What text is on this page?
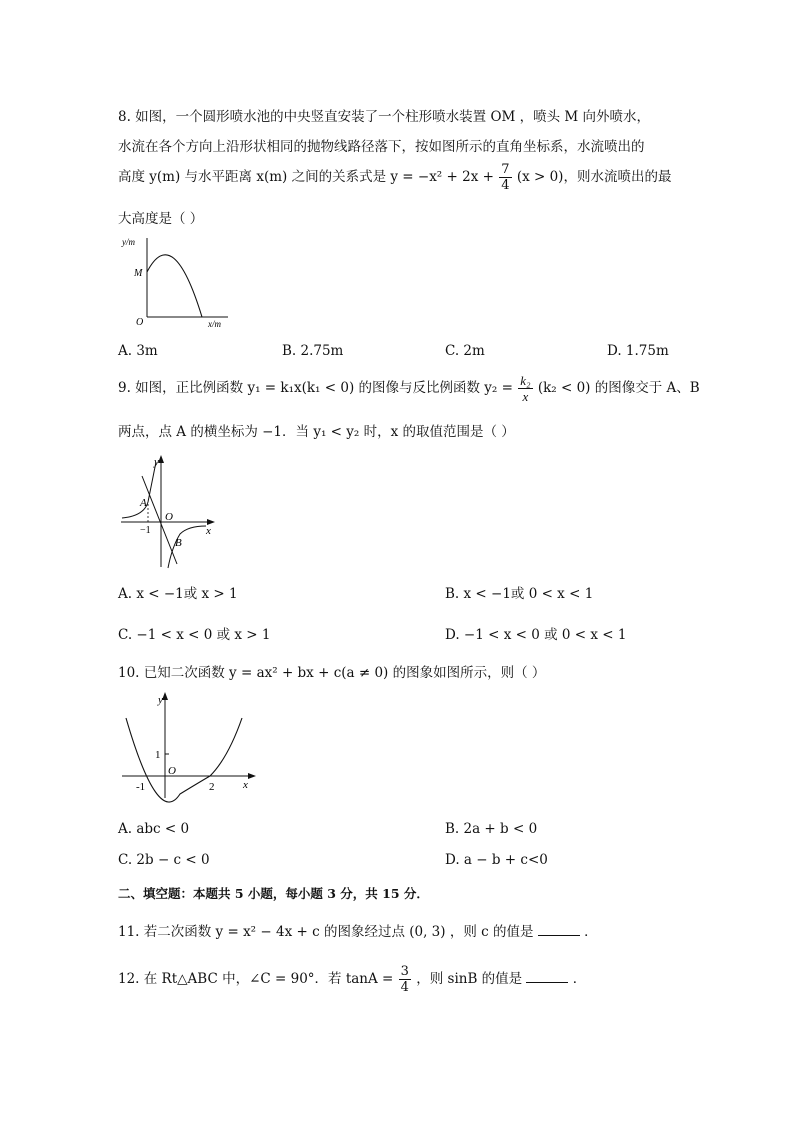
8. 如图，一个圆形喷水池的中央竖直安装了一个柱形喷水装置 OM ，喷头 M 向外喷水，
水流在各个方向上沿形状相同的抛物线路径落下，按如图所示的直角坐标系，水流喷出的
高度 y(m) 与水平距离 x(m) 之间的关系式是 $y = -x^2 + 2x + \frac{7}{4} (x > 0)$，则水流喷出的最
大高度是（ ）
y/m
M
O	x/m
A. 3m	B. 2.75m	C. 2m	D. 1.75m
9. 如图，正比例函数 y₁ = k₁x(k₁ < 0) 的图像与反比例函数 $y_2 = \frac{\text{k₂}}{x} (k_2 < 0)$ 的图像交于 A、B
两点，点 A 的横坐标为 −1．当 y₁ < y₂ 时，x 的取值范围是（ ）
y
x
A
O
−1
B
A. x < −1或 x > 1	B. x < −1或 0 < x < 1
C. −1 < x < 0 或 x > 1	D. −1 < x < 0 或 0 < x < 1
10. 已知二次函数 y = ax² + bx + c(a ≠ 0) 的图象如图所示，则（ ）
y
1
O
-1	2	x
A. abc < 0	B. 2a + b < 0
C. 2b − c < 0	D. a − b + c<0
二、填空题：本题共 5 小题，每小题 3 分，共 15 分．
11. 若二次函数 y = x² − 4x + c 的图象经过点 (0, 3) ，则 c 的值是	．
12. 在 Rt△ABC 中，∠C = 90°．若 $\tan A = \frac{3}{4}$ ，则 sinB 的值是	．
